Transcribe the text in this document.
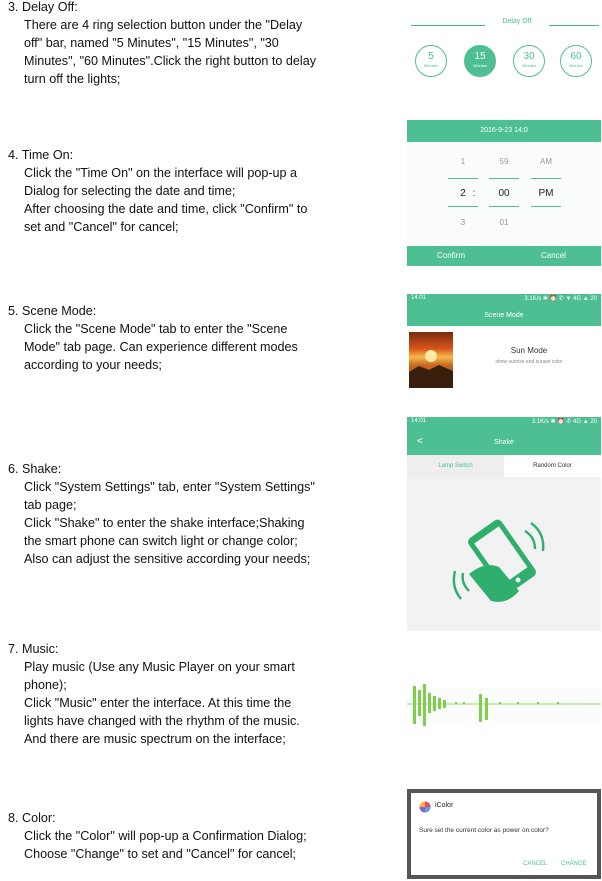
3. Delay Off:

There are 4 ring selection button under the "Delay

off" bar, named "5 Minutes", "15 Minutes", "30

Minutes", "60 Minutes".Click the right button to delay

turn off the lights;

4. Time On:

Click the "Time On" on the interface will pop-up a

Dialog for selecting the date and time;

After choosing the date and time, click "Confirm" to

set and "Cancel" for cancel;

5. Scene Mode:

Click the "Scene Mode" tab to enter the "Scene

Mode" tab page. Can experience different modes

according to your needs;

6. Shake:

Click "System Settings" tab, enter "System Settings"

tab page;

Click "Shake" to enter the shake interface;Shaking

the smart phone can switch light or change color;

Also can adjust the sensitive according your needs;

7. Music:

Play music (Use any Music Player on your smart

phone);

Click "Music" enter the interface. At this time the

lights have changed with the rhythm of the music.

And there are music spectrum on the interface;

8. Color:

Click the "Color" will pop-up a Confirmation Dialog;

Choose "Change" to set and "Cancel" for cancel;

Delay Off
5
Minutes
15
Minutes
30
Minutes
60
Minutes
2016-9-23 14:0
1	59	AM
2 :	00	PM
3	01
Confirm	Cancel
14:01	3.1K/s ✱ ⏰ ✆ ▼ 4G ▲ 20
Scene Mode
Sun Mode
show sunrise and sunset color
14:01	3.1K/s ✱ ⏰ ✆ 4G ▲ 20
<	Shake
Lamp Switch	Random Color
iColor
Sure set the current color as power on color?
CANCEL CHANGE
